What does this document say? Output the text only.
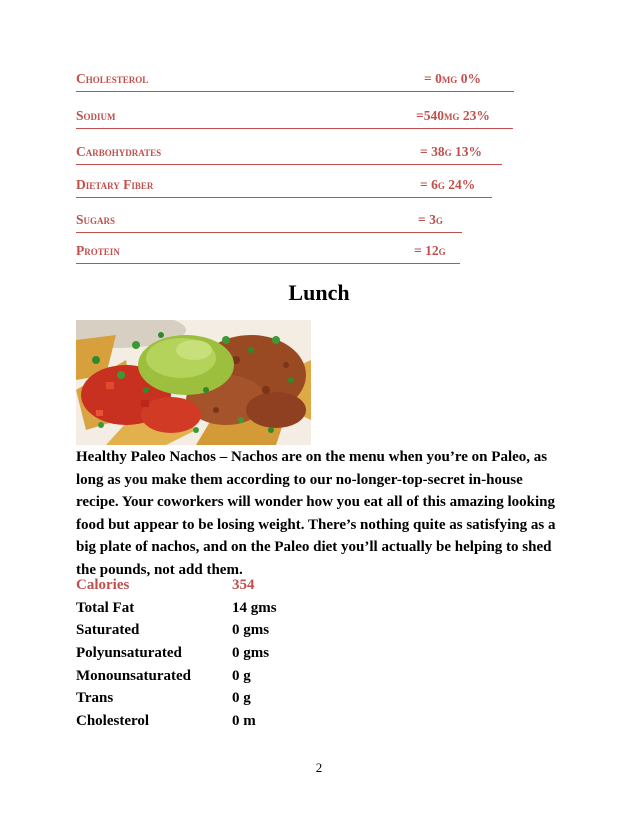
Cholesterol	= 0mg 0%
Sodium	=540mg 23%
Carbohydrates	= 38g 13%
Dietary Fiber	= 6g 24%
Sugars	= 3g
Protein	= 12g
Lunch
Healthy Paleo Nachos – Nachos are on the menu when you’re on Paleo, as long as you make them according to our no-longer-top-secret in-house recipe. Your coworkers will wonder how you eat all of this amazing looking food but appear to be losing weight. There’s nothing quite as satisfying as a big plate of nachos, and on the Paleo diet you’ll actually be helping to shed the pounds, not add them.
Calories	354
Total Fat	14 gms
Saturated	0 gms
Polyunsaturated	0 gms
Monounsaturated	0 g
Trans	0 g
Cholesterol	0 m
2
